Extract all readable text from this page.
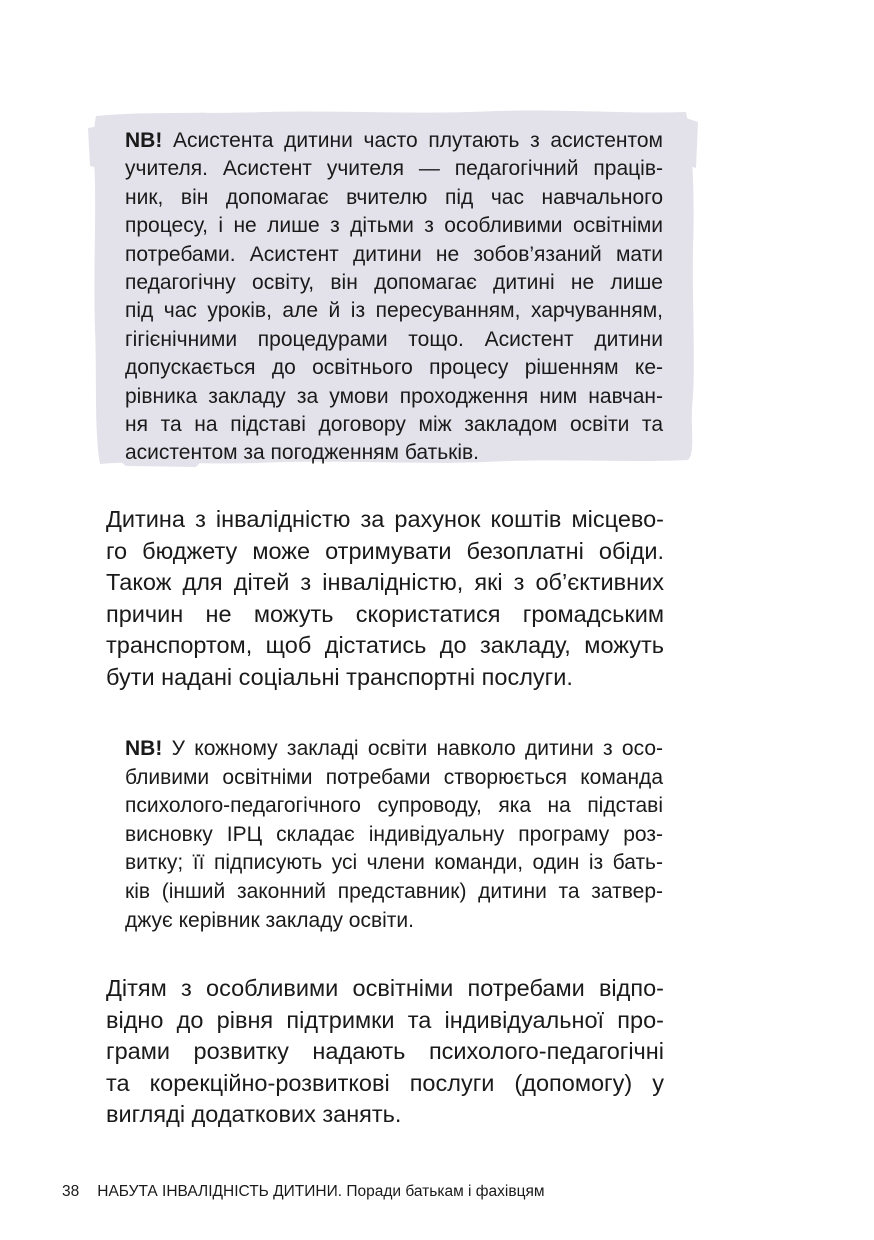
NB! Асистента дитини часто плутають з асистентом
учителя. Асистент учителя — педагогічний праців-
ник, він допомагає вчителю під час навчального
процесу, і не лише з дітьми з особливими освітніми
потребами. Асистент дитини не зобов’язаний мати
педагогічну освіту, він допомагає дитині не лише
під час уроків, але й із пересуванням, харчуванням,
гігієнічними процедурами тощо. Асистент дитини
допускається до освітнього процесу рішенням ке-
рівника закладу за умови проходження ним навчан-
ня та на підставі договору між закладом освіти та
асистентом за погодженням батьків.
Дитина з інвалідністю за рахунок коштів місцево-
го бюджету може отримувати безоплатні обіди.
Також для дітей з інвалідністю, які з об’єктивних
причин не можуть скористатися громадським
транспортом, щоб дістатись до закладу, можуть
бути надані соціальні транспортні послуги.
NB! У кожному закладі освіти навколо дитини з осо-
бливими освітніми потребами створюється команда
психолого-педагогічного супроводу, яка на підставі
висновку ІРЦ складає індивідуальну програму роз-
витку; її підписують усі члени команди, один із бать-
ків (інший законний представник) дитини та затвер-
джує керівник закладу освіти.
Дітям з особливими освітніми потребами відпо-
відно до рівня підтримки та індивідуальної про-
грами розвитку надають психолого-педагогічні
та корекційно-розвиткові послуги (допомогу) у
вигляді додаткових занять.
38 НАБУТА ІНВАЛІДНІСТЬ ДИТИНИ. Поради батькам і фахівцям
